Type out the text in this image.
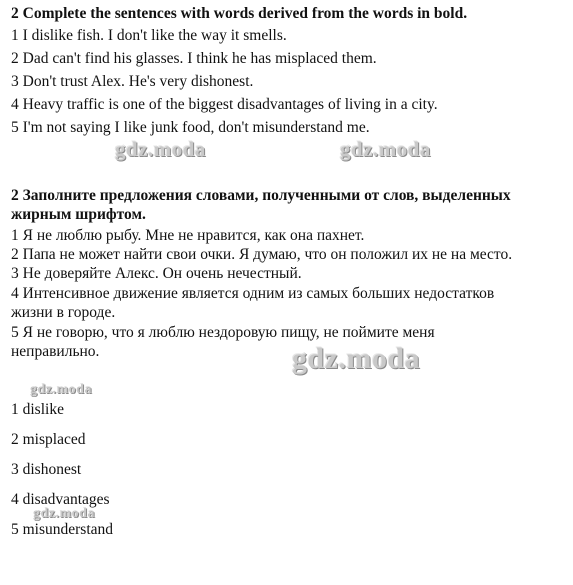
2 Complete the sentences with words derived from the words in bold.

1 I dislike fish. I don't like the way it smells.

2 Dad can't find his glasses. I think he has misplaced them.

3 Don't trust Alex. He's very dishonest.

4 Heavy traffic is one of the biggest disadvantages of living in a city.

5 I'm not saying I like junk food, don't misunderstand me.

gdz.moda	gdz.moda

2 Заполните предложения словами, полученными от слов, выделенных

жирным шрифтом.

1 Я не люблю рыбу. Мне не нравится, как она пахнет.

2 Папа не может найти свои очки. Я думаю, что он положил их не на место.

3 Не доверяйте Алекс. Он очень нечестный.

4 Интенсивное движение является одним из самых больших недостатков

жизни в городе.

5 Я не говорю, что я люблю нездоровую пищу, не поймите меня

неправильно.	gdz.moda
gdz.moda

1 dislike

2 misplaced

3 dishonest

4 disadvantages

gdz.moda

5 misunderstand
